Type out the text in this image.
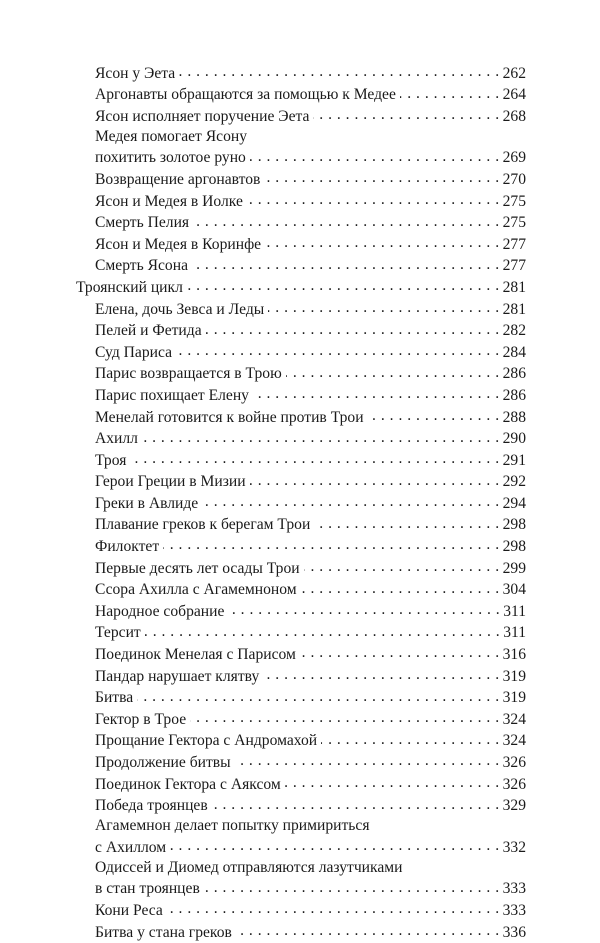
Ясон у Эета . . .	262
Аргонавты обращаются за помощью к Медее . . .	264
Ясон исполняет поручение Эета . . .	268
Медея помогает Ясону
похитить золотое руно . . .	269
Возвращение аргонавтов . . .	270
Ясон и Медея в Иолке . . .	275
Смерть Пелия . . .	275
Ясон и Медея в Коринфе . . .	277
Смерть Ясона . . .	277
Троянский цикл . . .	281
Елена, дочь Зевса и Леды . . .	281
Пелей и Фетида . . .	282
Суд Париса . . .	284
Парис возвращается в Трою . . .	286
Парис похищает Елену . . .	286
Менелай готовится к войне против Трои . . .	288
Ахилл . . .	290
Троя . . .	291
Герои Греции в Мизии . . .	292
Греки в Авлиде . . .	294
Плавание греков к берегам Трои . . .	298
Филоктет . . .	298
Первые десять лет осады Трои . . .	299
Ссора Ахилла с Агамемноном . . .	304
Народное собрание . . .	311
Терсит . . .	311
Поединок Менелая с Парисом . . .	316
Пандар нарушает клятву . . .	319
Битва . . .	319
Гектор в Трое . . .	324
Прощание Гектора с Андромахой . . .	324
Продолжение битвы . . .	326
Поединок Гектора с Аяксом . . .	326
Победа троянцев . . .	329
Агамемнон делает попытку примириться
с Ахиллом . . .	332
Одиссей и Диомед отправляются лазутчиками
в стан троянцев . . .	333
Кони Реса . . .	333
Битва у стана греков . . .	336
